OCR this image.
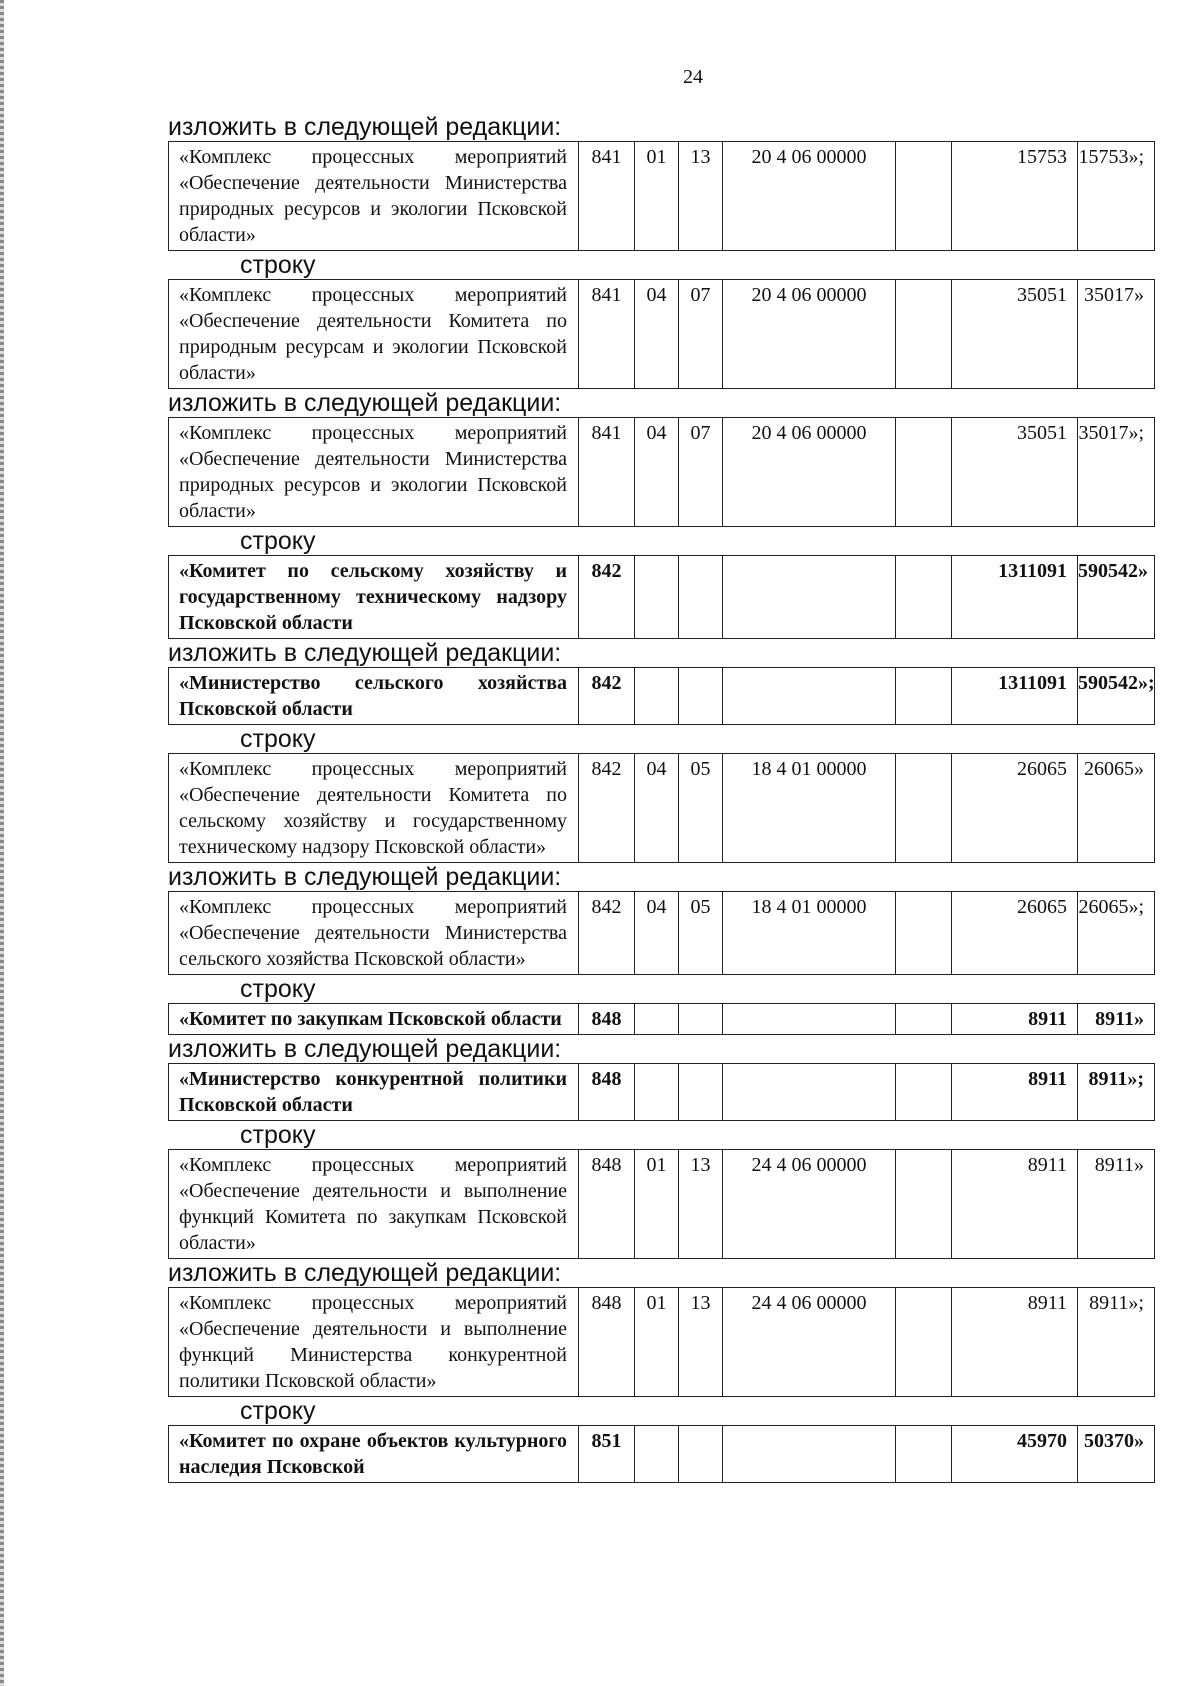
24
изложить в следующей редакции:
«Комплекс процессных мероприятий «Обеспечение деятельности Министерства природных ресурсов и экологии Псковской области»	841	01	13	20 4 06 00000		15753	15753»;
строку
«Комплекс процессных мероприятий «Обеспечение деятельности Комитета по природным ресурсам и экологии Псковской области»	841	04	07	20 4 06 00000		35051	35017»
изложить в следующей редакции:
«Комплекс процессных мероприятий «Обеспечение деятельности Министерства природных ресурсов и экологии Псковской области»	841	04	07	20 4 06 00000		35051	35017»;
строку
«Комитет по сельскому хозяйству и государственному техническому надзору Псковской области	842					1311091	590542»
изложить в следующей редакции:
«Министерство сельского хозяйства Псковской области	842					1311091	590542»;
строку
«Комплекс процессных мероприятий «Обеспечение деятельности Комитета по сельскому хозяйству и государственному техническому надзору Псковской области»	842	04	05	18 4 01 00000		26065	26065»
изложить в следующей редакции:
«Комплекс процессных мероприятий «Обеспечение деятельности Министерства сельского хозяйства Псковской области»	842	04	05	18 4 01 00000		26065	26065»;
строку
«Комитет по закупкам Псковской области	848					8911	8911»
изложить в следующей редакции:
«Министерство конкурентной политики Псковской области	848					8911	8911»;
строку
«Комплекс процессных мероприятий «Обеспечение деятельности и выполнение функций Комитета по закупкам Псковской области»	848	01	13	24 4 06 00000		8911	8911»
изложить в следующей редакции:
«Комплекс процессных мероприятий «Обеспечение деятельности и выполнение функций Министерства конкурентной политики Псковской области»	848	01	13	24 4 06 00000		8911	8911»;
строку
«Комитет по охране объектов культурного наследия Псковской	851					45970	50370»
